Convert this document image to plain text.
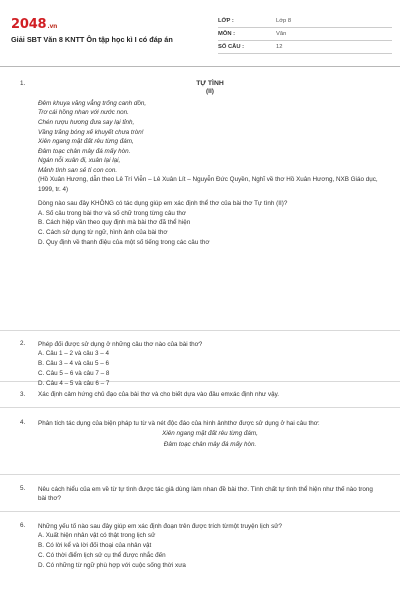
2048.vn
Giải SBT Văn 8 KNTT Ôn tập học kì I có đáp án
LỚP :	Lớp 8
MÔN :	Văn
SỐ CÂU :	12
1.	TỰ TÌNH
(II)
Đêm khuya văng vẳng trống canh dồn,
Trơ cái hồng nhan với nước non.
Chén rượu hương đưa say lại tỉnh,
Vầng trăng bóng xế khuyết chưa tròn!
Xiên ngang mặt đất rêu từng đám,
Đâm toạc chân mây đá mấy hòn.
Ngán nỗi xuân đi, xuân lại lại,
Mảnh tình san sẻ tí con con.
(Hồ Xuân Hương, dẫn theo Lê Trí Viễn – Lê Xuân Lít – Nguyễn Đức Quyền, Nghĩ về thơ Hồ Xuân Hương, NXB Giáo dục, 1999, tr. 4)
Dòng nào sau đây KHÔNG có tác dụng giúp em xác định thể thơ của bài thơ Tự tình (II)?
A. Số câu trong bài thơ và số chữ trong từng câu thơ
B. Cách hiệp vần theo quy định mà bài thơ đã thể hiện
C. Cách sử dụng từ ngữ, hình ảnh của bài thơ
D. Quy định về thanh điệu của một số tiếng trong các câu thơ
2. Phép đối được sử dụng ở những câu thơ nào của bài thơ?
A. Câu 1 – 2 và câu 3 – 4
B. Câu 3 – 4 và câu 5 – 6
C. Câu 5 – 6 và câu 7 – 8
D. Câu 4 – 5 và câu 6 – 7
3. Xác định cảm hứng chủ đạo của bài thơ và cho biết dựa vào đâu emxác định như vậy.
4. Phân tích tác dụng của biện pháp tu từ và nét độc đáo của hình ảnhthơ được sử dụng ở hai câu thơ:
Xiên ngang mặt đất rêu từng đám,
Đâm toạc chân mây đá mấy hòn.
5. Nêu cách hiểu của em về từ tự tình được tác giả dùng làm nhan đề bài thơ. Tình chất tự tình thể hiện như thế nào trong bài thơ?
6. Những yếu tố nào sau đây giúp em xác định đoạn trên được trích từmột truyện lịch sử?
A. Xuất hiện nhân vật có thật trong lịch sử
B. Có lời kể và lời đối thoại của nhân vật
C. Có thời điểm lịch sử cụ thể được nhắc đến
D. Có những từ ngữ phù hợp với cuộc sống thời xưa
